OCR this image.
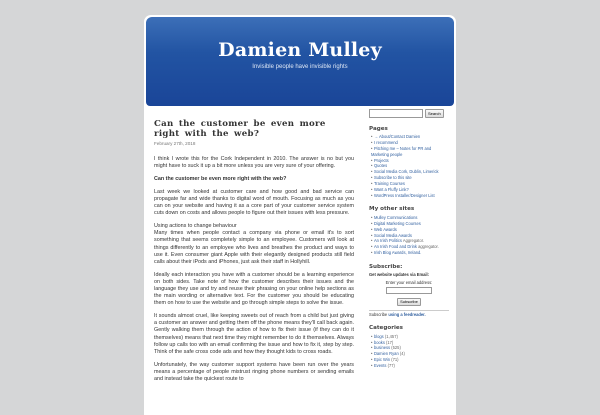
Damien Mulley
Invisible people have invisible rights
Can the customer be even more right with the web?
February 27th, 2018

I think I wrote this for the Cork Independent in 2010. The answer is no but you might have to suck it up a bit more unless you are very sure of your offering.

Can the customer be even more right with the web?

Last week we looked at customer care and how good and bad service can propagate far and wide thanks to digital word of mouth. Focusing as much as you can on your website and having it as a core part of your customer service system cuts down on costs and allows people to figure out their issues with less pressure.

Using actions to change behaviour
Many times when people contact a company via phone or email it's to sort something that seems completely simple to an employee. Customers will look at things differently to an employee who lives and breathes the product and ways to use it. Even consumer giant Apple with their elegantly designed products still field calls about their iPods and iPhones, just ask their staff in Hollyhill.

Ideally each interaction you have with a customer should be a learning experience on both sides. Take note of how the customer describes their issues and the language they use and try and reuse their phrasing on your online help sections as the main wording or alternative text. For the customer you should be educating them on how to use the website and go through simple steps to solve the issue.

It sounds almost cruel, like keeping sweets out of reach from a child but just giving a customer an answer and getting them off the phone means they'll call back again. Gently walking them through the action of how to fix their issue (if they can do it themselves) means that next time they might remember to do it themselves. Always follow up calls too with an email confirming the issue and how to fix it, step by step. Think of the safe cross code ads and how they thought kids to cross roads.

Unfortunately, the way customer support systems have been run over the years means a percentage of people mistrust ringing phone numbers or sending emails and instead take the quickest route to

Search
Pages
• → About/Contact Damien
• I recommend
• Pitching me – Notes for PR and Marketing people
• Projects
• Quotes
• Social Media Cork, Dublin, Limerick
• Subscribe to this site
• Training Courses
• Want a Fluffy Link?
• WordPress Installer/Designer List
My other sites
• Mulley Communications
• Digital Marketing Courses
• Web Awards
• Social Media Awards
• An Irish Politics Aggregator.
• An Irish Food and Drink aggregator.
• Irish Blog Awards, Ireland.
Subscribe:
Get website updates via Email:
Enter your email address:
Subscribe
Subscribe using a feedreader.
Categories
• blogs (1,457)
• books (17)
• business (525)
• Damien Ryan (4)
• Epic Win (71)
• Events (77)
